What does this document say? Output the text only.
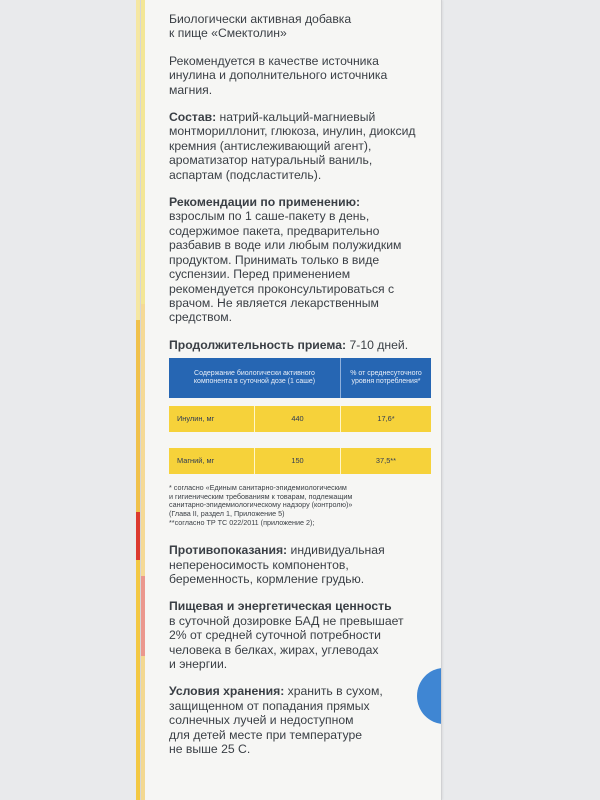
Биологически активная добавка
к пище «Смектолин»

Рекомендуется в качестве источника
инулина и дополнительного источника
магния.

Состав: натрий-кальций-магниевый
монтмориллонит, глюкоза, инулин, диоксид
кремния (антислеживающий агент),
ароматизатор натуральный ваниль,
аспартам (подсластитель).

Рекомендации по применению:
взрослым по 1 саше-пакету в день,
содержимое пакета, предварительно
разбавив в воде или любым полужидким
продуктом. Принимать только в виде
суспензии. Перед применением
рекомендуется проконсультироваться с
врачом. Не является лекарственным
средством.

Продолжительность приема: 7-10 дней.

Содержание биологически активного компонента в суточной дозе (1 саше)
% от среднесуточного уровня потребления*
Инулин, мг	440	17,6*
Магний, мг	150	37,5**
* согласно «Единым санитарно-эпидемиологическим
и гигиеническим требованиям к товарам, подлежащим
санитарно-эпидемиологическому надзору (контролю)»
(Глава II, раздел 1, Приложение 5)
**согласно ТР ТС 022/2011 (приложение 2);

Противопоказания: индивидуальная
непереносимость компонентов,
беременность, кормление грудью.

Пищевая и энергетическая ценность
в суточной дозировке БАД не превышает
2% от средней суточной потребности
человека в белках, жирах, углеводах
и энергии.

Условия хранения: хранить в сухом,
защищенном от попадания прямых
солнечных лучей и недоступном
для детей месте при температуре
не выше 25 С.
